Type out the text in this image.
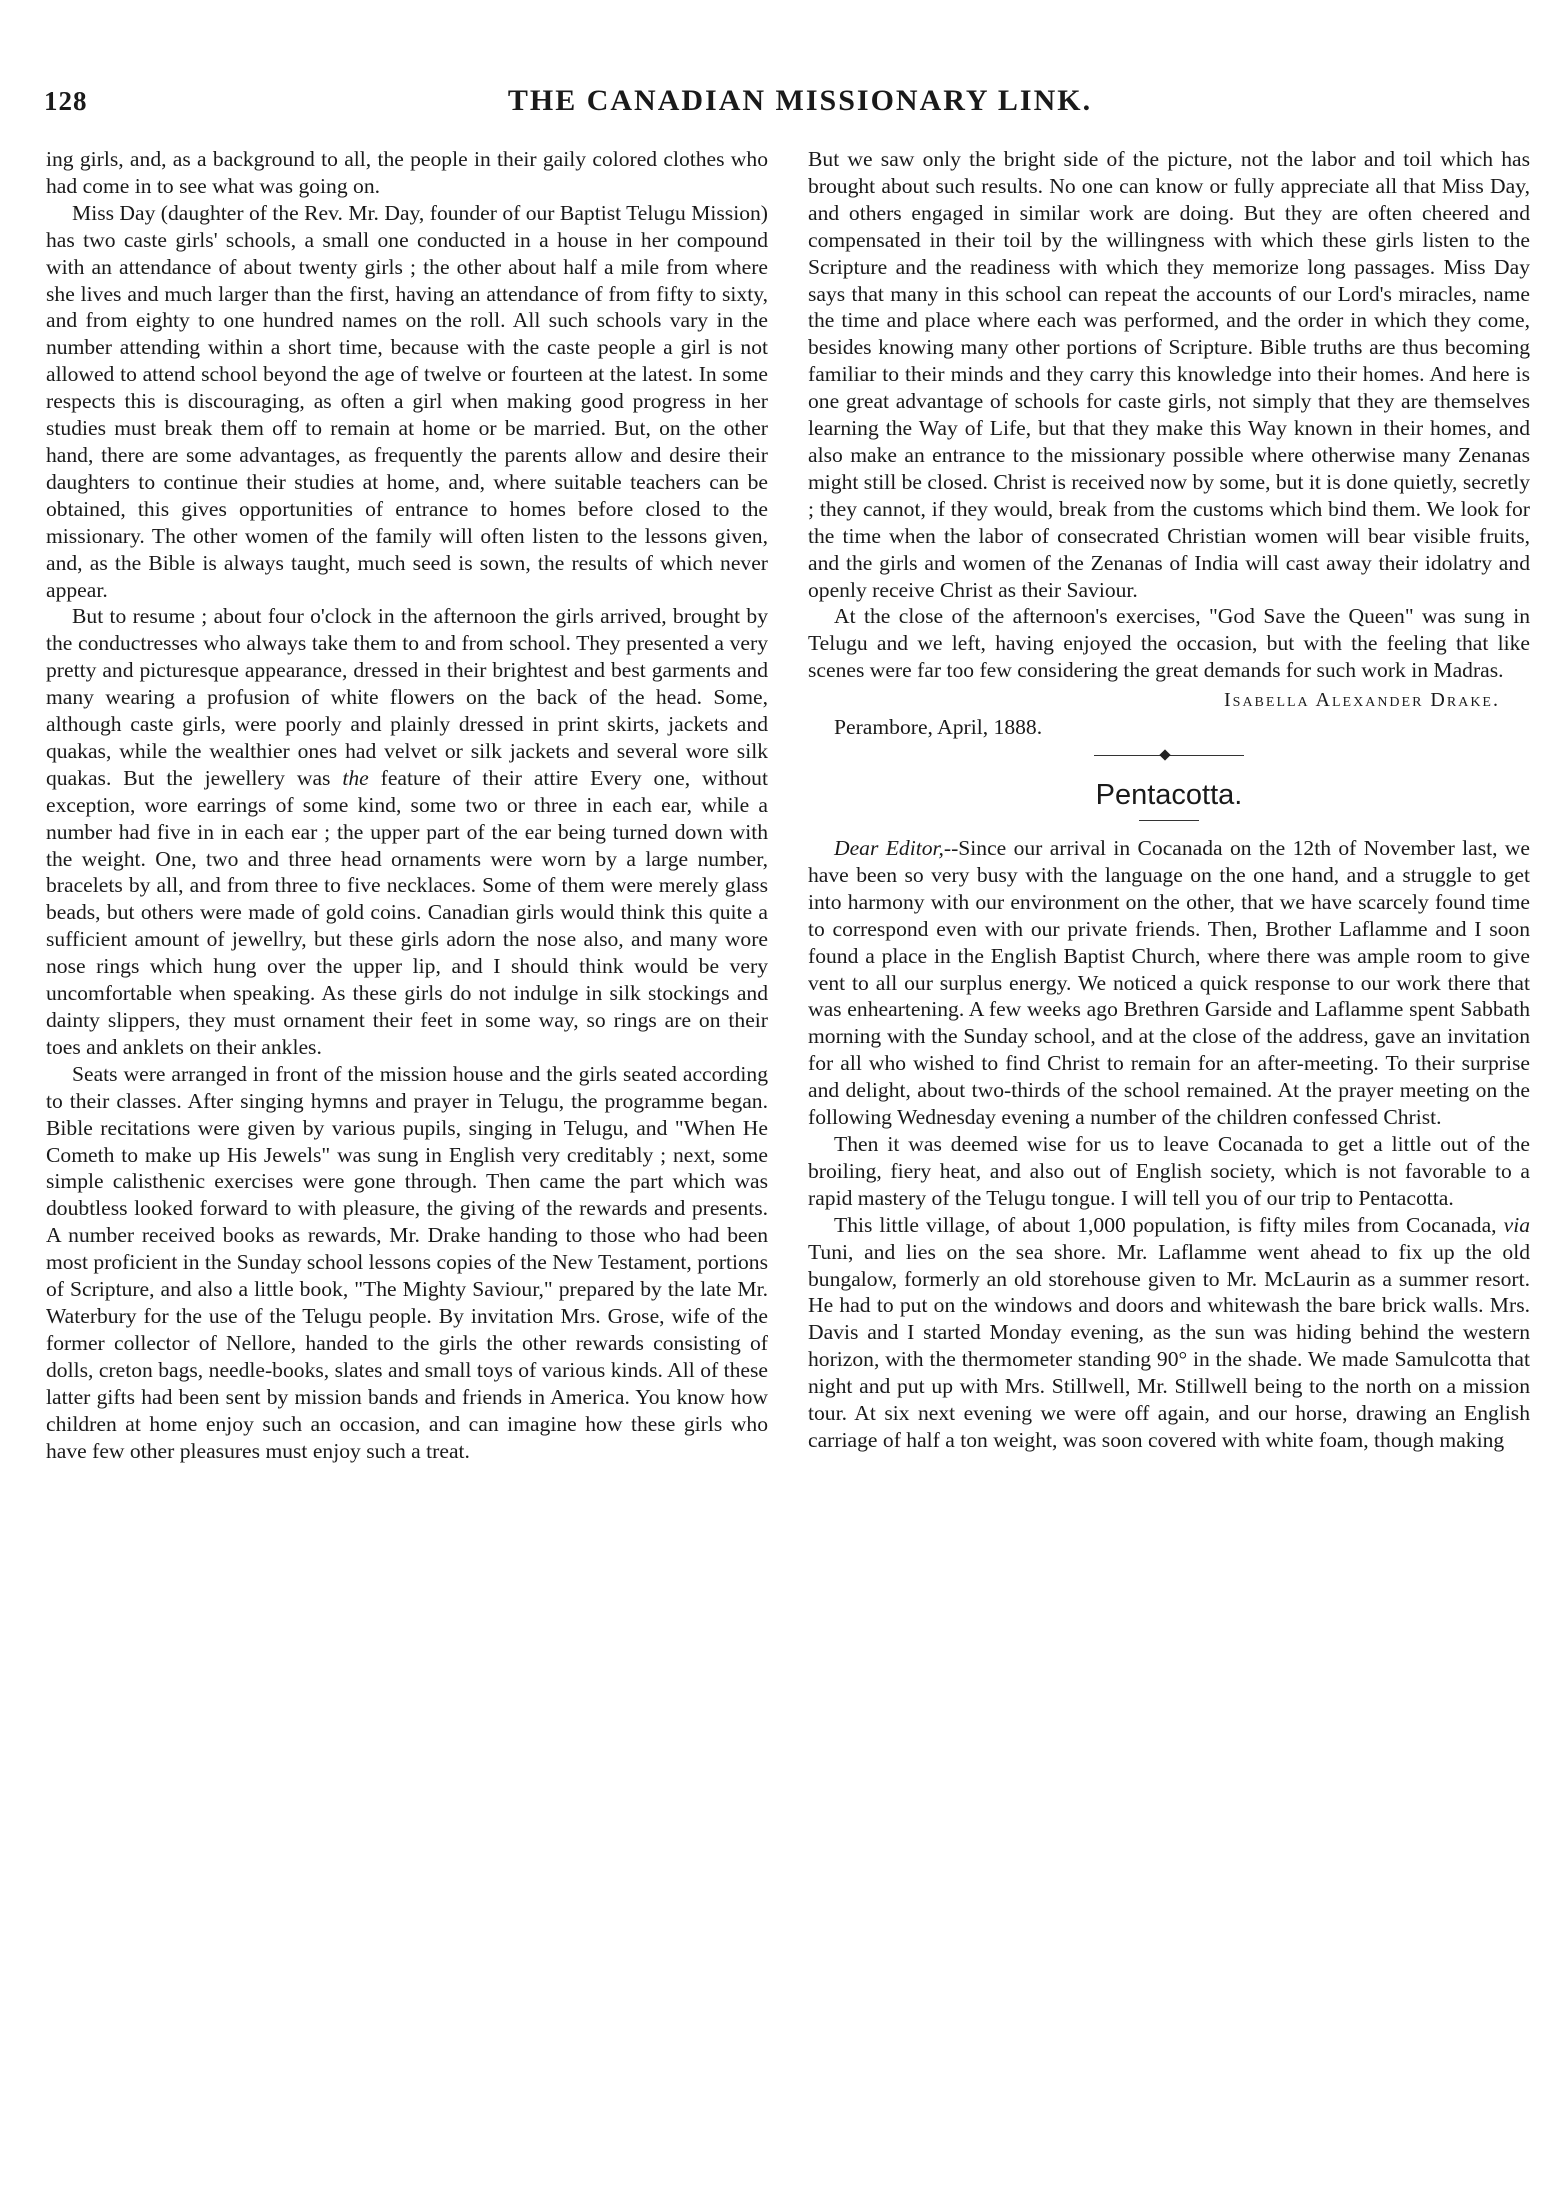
128	THE CANADIAN MISSIONARY LINK.

ing girls, and, as a background to all, the people in their gaily colored clothes who had come in to see what was going on.

Miss Day (daughter of the Rev. Mr. Day, founder of our Baptist Telugu Mission) has two caste girls' schools, a small one conducted in a house in her compound with an attendance of about twenty girls ; the other about half a mile from where she lives and much larger than the first, having an attendance of from fifty to sixty, and from eighty to one hundred names on the roll. All such schools vary in the number attending within a short time, because with the caste people a girl is not allowed to attend school beyond the age of twelve or fourteen at the latest. In some respects this is discouraging, as often a girl when making good progress in her studies must break them off to remain at home or be married. But, on the other hand, there are some advantages, as frequently the parents allow and desire their daughters to continue their studies at home, and, where suitable teachers can be obtained, this gives opportunities of entrance to homes before closed to the missionary. The other women of the family will often listen to the lessons given, and, as the Bible is always taught, much seed is sown, the results of which never appear.

But to resume ; about four o'clock in the afternoon the girls arrived, brought by the conductresses who always take them to and from school. They presented a very pretty and picturesque appearance, dressed in their brightest and best garments and many wearing a profusion of white flowers on the back of the head. Some, although caste girls, were poorly and plainly dressed in print skirts, jackets and quakas, while the wealthier ones had velvet or silk jackets and several wore silk quakas. But the jewellery was the feature of their attire Every one, without exception, wore earrings of some kind, some two or three in each ear, while a number had five in in each ear ; the upper part of the ear being turned down with the weight. One, two and three head ornaments were worn by a large number, bracelets by all, and from three to five necklaces. Some of them were merely glass beads, but others were made of gold coins. Canadian girls would think this quite a sufficient amount of jewellry, but these girls adorn the nose also, and many wore nose rings which hung over the upper lip, and I should think would be very uncomfortable when speaking. As these girls do not indulge in silk stockings and dainty slippers, they must ornament their feet in some way, so rings are on their toes and anklets on their ankles.

Seats were arranged in front of the mission house and the girls seated according to their classes. After singing hymns and prayer in Telugu, the programme began. Bible recitations were given by various pupils, singing in Telugu, and "When He Cometh to make up His Jewels" was sung in English very creditably ; next, some simple calisthenic exercises were gone through. Then came the part which was doubtless looked forward to with pleasure, the giving of the rewards and presents. A number received books as rewards, Mr. Drake handing to those who had been most proficient in the Sunday school lessons copies of the New Testament, portions of Scripture, and also a little book, "The Mighty Saviour," prepared by the late Mr. Waterbury for the use of the Telugu people. By invitation Mrs. Grose, wife of the former collector of Nellore, handed to the girls the other rewards consisting of dolls, creton bags, needle-books, slates and small toys of various kinds. All of these latter gifts had been sent by mission bands and friends in America. You know how children at home enjoy such an occasion, and can imagine how these girls who have few other pleasures must enjoy such a treat.

But we saw only the bright side of the picture, not the labor and toil which has brought about such results. No one can know or fully appreciate all that Miss Day, and others engaged in similar work are doing. But they are often cheered and compensated in their toil by the willingness with which these girls listen to the Scripture and the readiness with which they memorize long passages. Miss Day says that many in this school can repeat the accounts of our Lord's miracles, name the time and place where each was performed, and the order in which they come, besides knowing many other portions of Scripture. Bible truths are thus becoming familiar to their minds and they carry this knowledge into their homes. And here is one great advantage of schools for caste girls, not simply that they are themselves learning the Way of Life, but that they make this Way known in their homes, and also make an entrance to the missionary possible where otherwise many Zenanas might still be closed. Christ is received now by some, but it is done quietly, secretly ; they cannot, if they would, break from the customs which bind them. We look for the time when the labor of consecrated Christian women will bear visible fruits, and the girls and women of the Zenanas of India will cast away their idolatry and openly receive Christ as their Saviour.

At the close of the afternoon's exercises, "God Save the Queen" was sung in Telugu and we left, having enjoyed the occasion, but with the feeling that like scenes were far too few considering the great demands for such work in Madras.

Isabella Alexander Drake.

Perambore, April, 1888.

Pentacotta.

Dear Editor,--Since our arrival in Cocanada on the 12th of November last, we have been so very busy with the language on the one hand, and a struggle to get into harmony with our environment on the other, that we have scarcely found time to correspond even with our private friends. Then, Brother Laflamme and I soon found a place in the English Baptist Church, where there was ample room to give vent to all our surplus energy. We noticed a quick response to our work there that was enheartening. A few weeks ago Brethren Garside and Laflamme spent Sabbath morning with the Sunday school, and at the close of the address, gave an invitation for all who wished to find Christ to remain for an after-meeting. To their surprise and delight, about two-thirds of the school remained. At the prayer meeting on the following Wednesday evening a number of the children confessed Christ.

Then it was deemed wise for us to leave Cocanada to get a little out of the broiling, fiery heat, and also out of English society, which is not favorable to a rapid mastery of the Telugu tongue. I will tell you of our trip to Pentacotta.

This little village, of about 1,000 population, is fifty miles from Cocanada, via Tuni, and lies on the sea shore. Mr. Laflamme went ahead to fix up the old bungalow, formerly an old storehouse given to Mr. McLaurin as a summer resort. He had to put on the windows and doors and whitewash the bare brick walls. Mrs. Davis and I started Monday evening, as the sun was hiding behind the western horizon, with the thermometer standing 90° in the shade. We made Samulcotta that night and put up with Mrs. Stillwell, Mr. Stillwell being to the north on a mission tour. At six next evening we were off again, and our horse, drawing an English carriage of half a ton weight, was soon covered with white foam, though making
